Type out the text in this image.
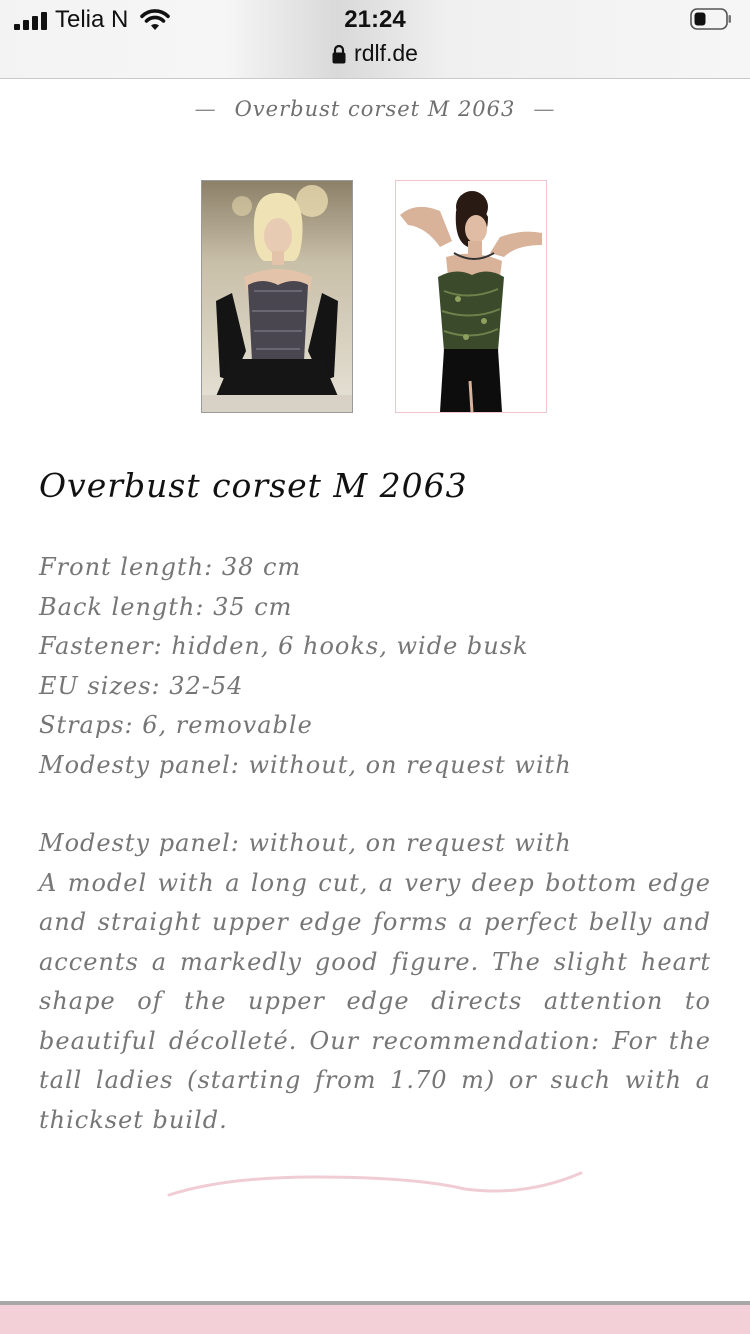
Telia N	21:24
rdlf.de
— Overbust corset M 2063 —
Overbust corset M 2063
Front length: 38 cm
Back length: 35 cm
Fastener: hidden, 6 hooks, wide busk
EU sizes: 32-54
Straps: 6, removable
Modesty panel: without, on request with
Modesty panel: without, on request with
A model with a long cut, a very deep bottom edge and straight upper edge forms a perfect belly and accents a markedly good figure. The slight heart shape of the upper edge directs attention to beautiful décolleté. Our recommendation: For the tall ladies (starting from 1.70 m) or such with a thickset build.
